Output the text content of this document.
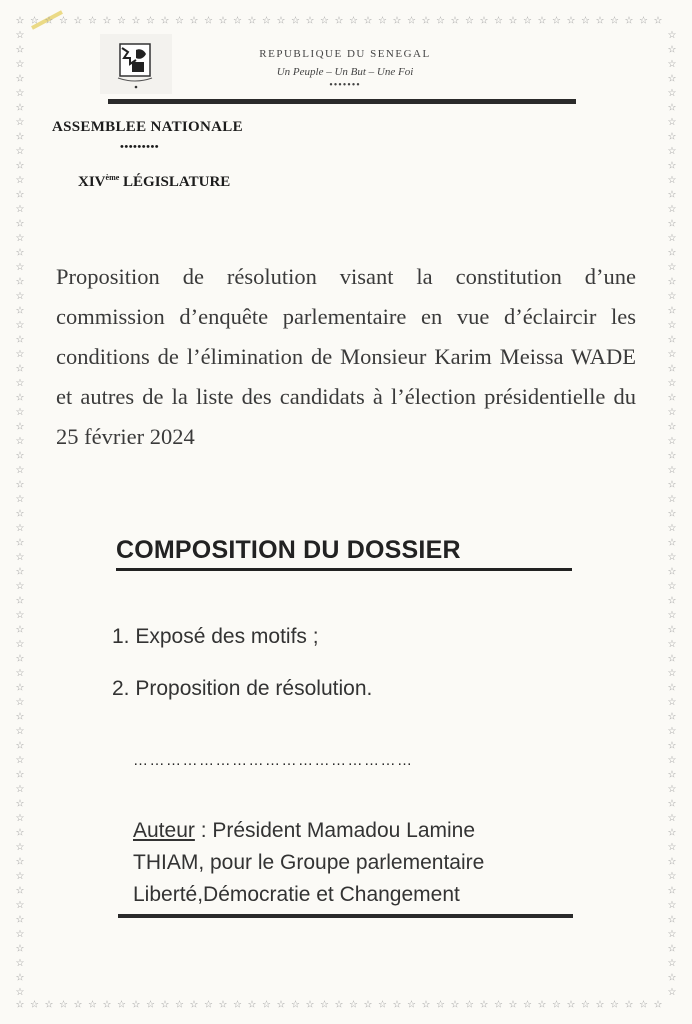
☆
☆
☆
☆
☆
☆
☆
☆
☆
☆
☆
☆
☆
☆
☆
☆
☆
☆
☆
☆
☆
☆
☆
☆
☆
☆
☆
☆
☆
☆
☆
☆
☆
☆
☆
☆
☆
☆
☆
☆
☆
☆
☆
☆
☆
☆
☆
☆
☆
☆
☆
☆
☆
☆
☆
☆
☆
☆
☆
☆
☆
☆
☆
☆
☆
☆
☆
☆
☆
☆
☆
☆
☆
☆
☆
☆
☆
☆
☆
☆
☆
☆
☆
☆
☆
☆
☆
☆
☆
☆
☆	☆
☆	☆
☆	☆
☆	☆
☆	☆
☆	☆
☆	☆
☆	☆
☆	☆
☆	☆
☆	☆
☆	☆
☆	☆
☆	☆
☆	☆
☆	☆
☆	☆
☆	☆
☆	☆
☆	☆
☆	☆
☆	☆
☆	☆
☆	☆
☆	☆
☆	☆
☆	☆
☆	☆
☆	☆
☆	☆
☆	☆
☆	☆
☆	☆
☆	☆
☆	☆
☆	☆
☆	☆
☆	☆
☆	☆
☆	☆
☆	☆
☆	☆
☆	☆
☆	☆
☆	☆
☆	☆
☆	☆
☆	☆
☆	☆
☆	☆
☆	☆
☆	☆
☆	☆
☆	☆
☆	☆
☆	☆
☆	☆
☆	☆
☆	☆
☆	☆
☆	☆
☆	☆
☆	☆
☆	☆
☆	☆
☆	☆
☆	☆
REPUBLIQUE DU SENEGAL
Un Peuple – Un But – Une Foi
•••••••
ASSEMBLEE NATIONALE
•••••••••
XIVème LÉGISLATURE
Proposition de résolution visant la constitution d’une commission d’enquête parlementaire en vue d’éclaircir les conditions de l’élimination de Monsieur Karim Meissa WADE et autres de la liste des candidats à l’élection présidentielle du 25 février 2024
COMPOSITION DU DOSSIER
1. Exposé des motifs ;
2. Proposition de résolution.
……………………………………………
Auteur : Président Mamadou Lamine
THIAM, pour le Groupe parlementaire
Liberté,Démocratie et Changement
